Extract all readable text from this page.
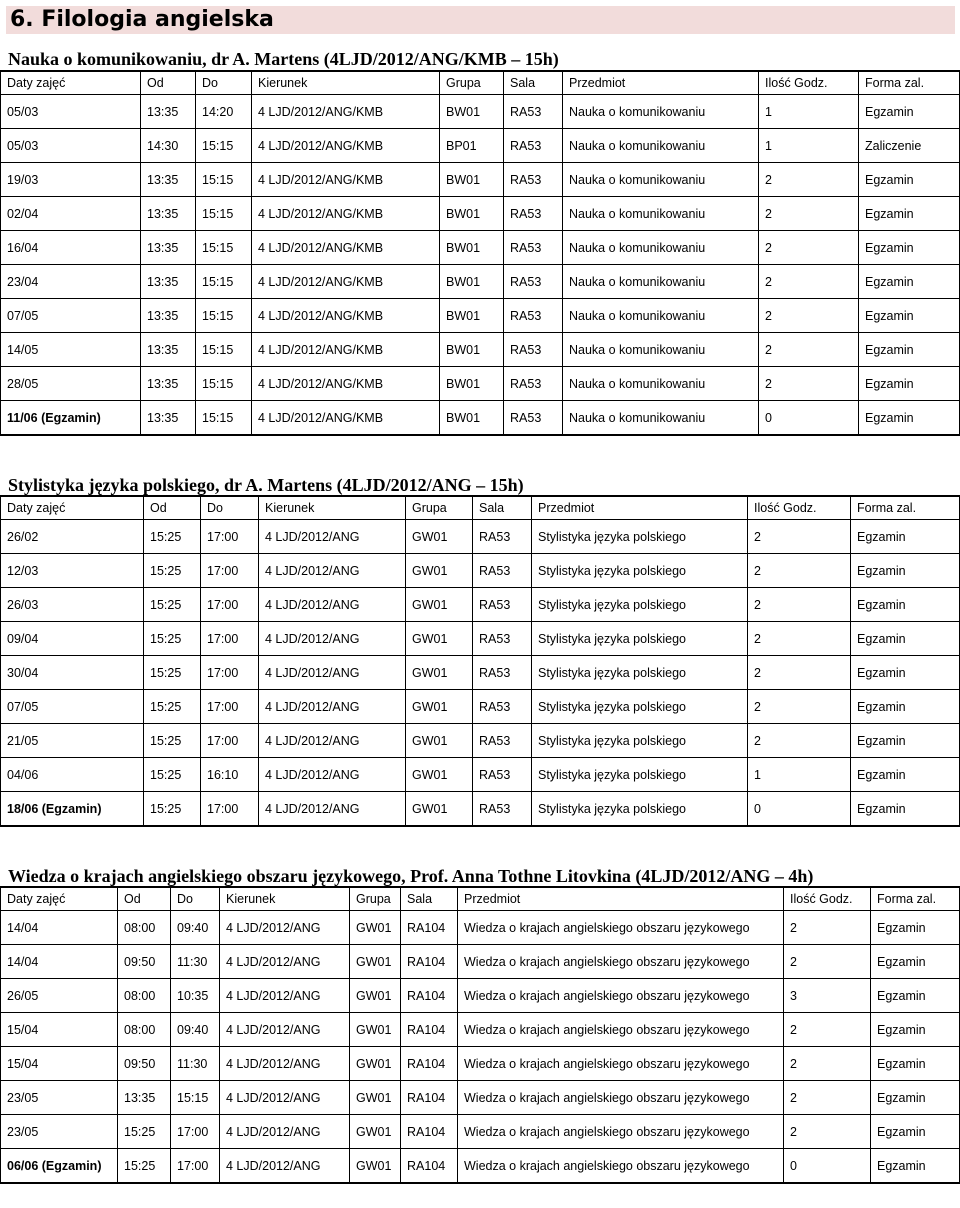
6. Filologia angielska
Nauka o komunikowaniu, dr A. Martens (4LJD/2012/ANG/KMB – 15h)
Daty zajęć	Od	Do	Kierunek	Grupa	Sala	Przedmiot	Ilość Godz.	Forma zal.
05/03	13:35	14:20	4 LJD/2012/ANG/KMB	BW01	RA53	Nauka o komunikowaniu	1	Egzamin
05/03	14:30	15:15	4 LJD/2012/ANG/KMB	BP01	RA53	Nauka o komunikowaniu	1	Zaliczenie
19/03	13:35	15:15	4 LJD/2012/ANG/KMB	BW01	RA53	Nauka o komunikowaniu	2	Egzamin
02/04	13:35	15:15	4 LJD/2012/ANG/KMB	BW01	RA53	Nauka o komunikowaniu	2	Egzamin
16/04	13:35	15:15	4 LJD/2012/ANG/KMB	BW01	RA53	Nauka o komunikowaniu	2	Egzamin
23/04	13:35	15:15	4 LJD/2012/ANG/KMB	BW01	RA53	Nauka o komunikowaniu	2	Egzamin
07/05	13:35	15:15	4 LJD/2012/ANG/KMB	BW01	RA53	Nauka o komunikowaniu	2	Egzamin
14/05	13:35	15:15	4 LJD/2012/ANG/KMB	BW01	RA53	Nauka o komunikowaniu	2	Egzamin
28/05	13:35	15:15	4 LJD/2012/ANG/KMB	BW01	RA53	Nauka o komunikowaniu	2	Egzamin
11/06 (Egzamin)	13:35	15:15	4 LJD/2012/ANG/KMB	BW01	RA53	Nauka o komunikowaniu	0	Egzamin
Stylistyka języka polskiego, dr A. Martens (4LJD/2012/ANG – 15h)
Daty zajęć	Od	Do	Kierunek	Grupa	Sala	Przedmiot	Ilość Godz.	Forma zal.
26/02	15:25	17:00	4 LJD/2012/ANG	GW01	RA53	Stylistyka języka polskiego	2	Egzamin
12/03	15:25	17:00	4 LJD/2012/ANG	GW01	RA53	Stylistyka języka polskiego	2	Egzamin
26/03	15:25	17:00	4 LJD/2012/ANG	GW01	RA53	Stylistyka języka polskiego	2	Egzamin
09/04	15:25	17:00	4 LJD/2012/ANG	GW01	RA53	Stylistyka języka polskiego	2	Egzamin
30/04	15:25	17:00	4 LJD/2012/ANG	GW01	RA53	Stylistyka języka polskiego	2	Egzamin
07/05	15:25	17:00	4 LJD/2012/ANG	GW01	RA53	Stylistyka języka polskiego	2	Egzamin
21/05	15:25	17:00	4 LJD/2012/ANG	GW01	RA53	Stylistyka języka polskiego	2	Egzamin
04/06	15:25	16:10	4 LJD/2012/ANG	GW01	RA53	Stylistyka języka polskiego	1	Egzamin
18/06 (Egzamin)	15:25	17:00	4 LJD/2012/ANG	GW01	RA53	Stylistyka języka polskiego	0	Egzamin
Wiedza o krajach angielskiego obszaru językowego, Prof. Anna Tothne Litovkina (4LJD/2012/ANG – 4h)
Daty zajęć	Od	Do	Kierunek	Grupa	Sala	Przedmiot	Ilość Godz.	Forma zal.
14/04	08:00	09:40	4 LJD/2012/ANG	GW01	RA104	Wiedza o krajach angielskiego obszaru językowego	2	Egzamin
14/04	09:50	11:30	4 LJD/2012/ANG	GW01	RA104	Wiedza o krajach angielskiego obszaru językowego	2	Egzamin
26/05	08:00	10:35	4 LJD/2012/ANG	GW01	RA104	Wiedza o krajach angielskiego obszaru językowego	3	Egzamin
15/04	08:00	09:40	4 LJD/2012/ANG	GW01	RA104	Wiedza o krajach angielskiego obszaru językowego	2	Egzamin
15/04	09:50	11:30	4 LJD/2012/ANG	GW01	RA104	Wiedza o krajach angielskiego obszaru językowego	2	Egzamin
23/05	13:35	15:15	4 LJD/2012/ANG	GW01	RA104	Wiedza o krajach angielskiego obszaru językowego	2	Egzamin
23/05	15:25	17:00	4 LJD/2012/ANG	GW01	RA104	Wiedza o krajach angielskiego obszaru językowego	2	Egzamin
06/06 (Egzamin)	15:25	17:00	4 LJD/2012/ANG	GW01	RA104	Wiedza o krajach angielskiego obszaru językowego	0	Egzamin
